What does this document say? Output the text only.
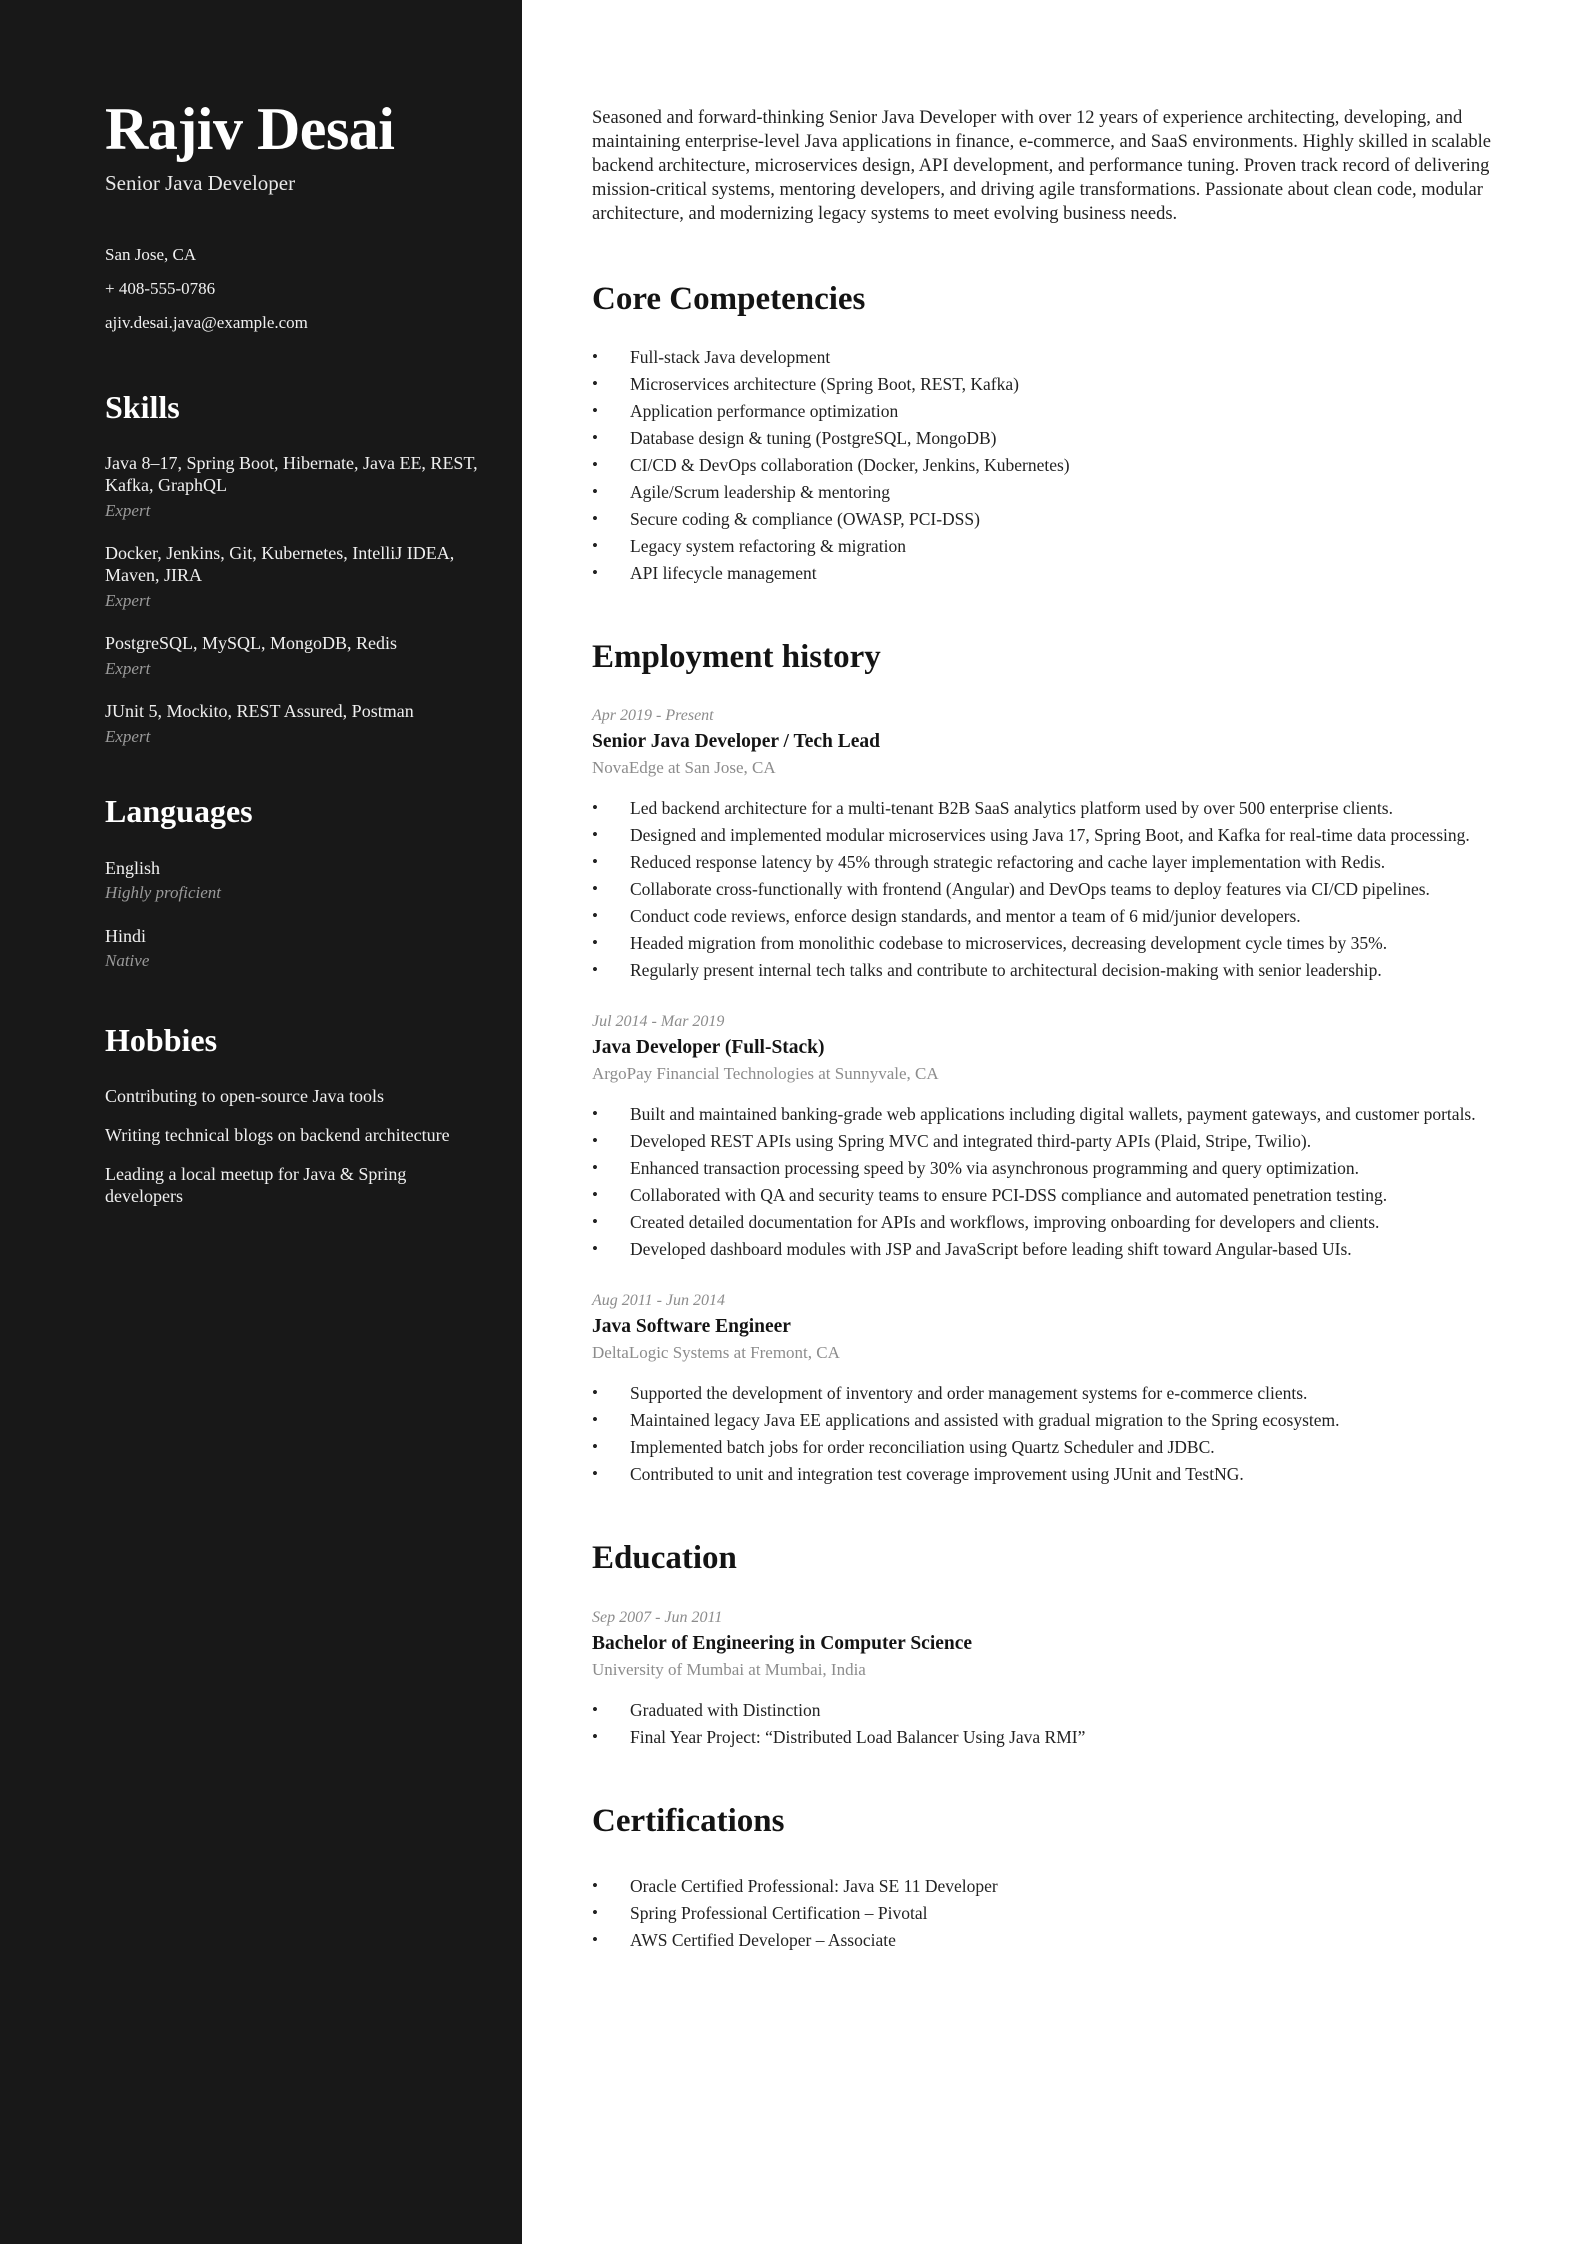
Rajiv Desai
Senior Java Developer
San Jose, CA
+ 408-555-0786
ajiv.desai.java@example.com
Skills
Java 8–17, Spring Boot, Hibernate, Java EE, REST, Kafka, GraphQL
Expert
Docker, Jenkins, Git, Kubernetes, IntelliJ IDEA, Maven, JIRA
Expert
PostgreSQL, MySQL, MongoDB, Redis
Expert
JUnit 5, Mockito, REST Assured, Postman
Expert
Languages
English
Highly proficient
Hindi
Native
Hobbies
Contributing to open-source Java tools
Writing technical blogs on backend architecture
Leading a local meetup for Java & Spring developers

Seasoned and forward-thinking Senior Java Developer with over 12 years of experience architecting, developing, and maintaining enterprise-level Java applications in finance, e-commerce, and SaaS environments. Highly skilled in scalable backend architecture, microservices design, API development, and performance tuning. Proven track record of delivering mission-critical systems, mentoring developers, and driving agile transformations. Passionate about clean code, modular architecture, and modernizing legacy systems to meet evolving business needs.

Core Competencies
• Full-stack Java development
• Microservices architecture (Spring Boot, REST, Kafka)
• Application performance optimization
• Database design & tuning (PostgreSQL, MongoDB)
• CI/CD & DevOps collaboration (Docker, Jenkins, Kubernetes)
• Agile/Scrum leadership & mentoring
• Secure coding & compliance (OWASP, PCI-DSS)
• Legacy system refactoring & migration
• API lifecycle management
Employment history
Apr 2019 - Present
Senior Java Developer / Tech Lead
NovaEdge at San Jose, CA
• Led backend architecture for a multi-tenant B2B SaaS analytics platform used by over 500 enterprise clients.
• Designed and implemented modular microservices using Java 17, Spring Boot, and Kafka for real-time data processing.
• Reduced response latency by 45% through strategic refactoring and cache layer implementation with Redis.
• Collaborate cross-functionally with frontend (Angular) and DevOps teams to deploy features via CI/CD pipelines.
• Conduct code reviews, enforce design standards, and mentor a team of 6 mid/junior developers.
• Headed migration from monolithic codebase to microservices, decreasing development cycle times by 35%.
• Regularly present internal tech talks and contribute to architectural decision-making with senior leadership.
Jul 2014 - Mar 2019
Java Developer (Full-Stack)
ArgoPay Financial Technologies at Sunnyvale, CA
• Built and maintained banking-grade web applications including digital wallets, payment gateways, and customer portals.
• Developed REST APIs using Spring MVC and integrated third-party APIs (Plaid, Stripe, Twilio).
• Enhanced transaction processing speed by 30% via asynchronous programming and query optimization.
• Collaborated with QA and security teams to ensure PCI-DSS compliance and automated penetration testing.
• Created detailed documentation for APIs and workflows, improving onboarding for developers and clients.
• Developed dashboard modules with JSP and JavaScript before leading shift toward Angular-based UIs.
Aug 2011 - Jun 2014
Java Software Engineer
DeltaLogic Systems at Fremont, CA
• Supported the development of inventory and order management systems for e-commerce clients.
• Maintained legacy Java EE applications and assisted with gradual migration to the Spring ecosystem.
• Implemented batch jobs for order reconciliation using Quartz Scheduler and JDBC.
• Contributed to unit and integration test coverage improvement using JUnit and TestNG.
Education
Sep 2007 - Jun 2011
Bachelor of Engineering in Computer Science
University of Mumbai at Mumbai, India
• Graduated with Distinction
• Final Year Project: “Distributed Load Balancer Using Java RMI”
Certifications
• Oracle Certified Professional: Java SE 11 Developer
• Spring Professional Certification – Pivotal
• AWS Certified Developer – Associate
